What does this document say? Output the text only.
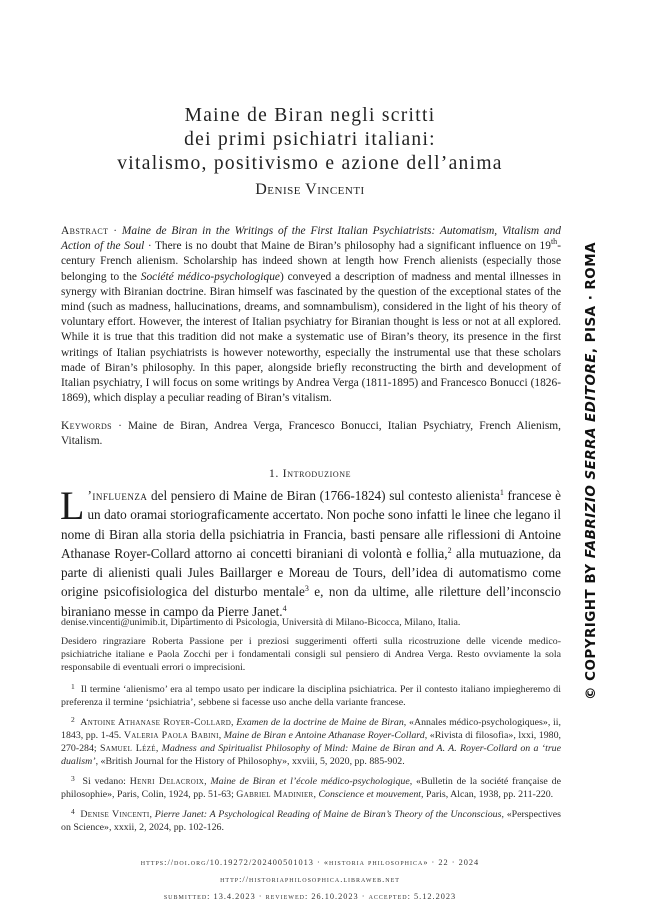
Maine de Biran negli scritti
dei primi psichiatri italiani:
vitalismo, positivismo e azione dell’anima
Denise Vincenti
Abstract · Maine de Biran in the Writings of the First Italian Psychiatrists: Automatism, Vitalism and Action of the Soul · There is no doubt that Maine de Biran’s philosophy had a significant influence on 19th-century French alienism. Scholarship has indeed shown at length how French alienists (especially those belonging to the Société médico-psychologique) conveyed a description of madness and mental illnesses in synergy with Biranian doctrine. Biran himself was fascinated by the question of the exceptional states of the mind (such as madness, hallucinations, dreams, and somnambulism), considered in the light of his theory of voluntary effort. However, the interest of Italian psychiatry for Biranian thought is less or not at all explored. While it is true that this tradition did not make a systematic use of Biran’s theory, its presence in the first writings of Italian psychiatrists is however noteworthy, especially the instrumental use that these scholars made of Biran’s philosophy. In this paper, alongside briefly reconstructing the birth and development of Italian psychiatry, I will focus on some writings by Andrea Verga (1811-1895) and Francesco Bonucci (1826-1869), which display a peculiar reading of Biran’s vitalism.
Keywords · Maine de Biran, Andrea Verga, Francesco Bonucci, Italian Psychiatry, French Alienism, Vitalism.
1. Introduzione
L ’influenza del pensiero di Maine de Biran (1766-1824) sul contesto alienista$^1$ francese è un dato oramai storiograficamente accertato. Non poche sono infatti le linee che legano il nome di Biran alla storia della psichiatria in Francia, basti pensare alle riflessioni di Antoine Athanase Royer-Collard attorno ai concetti biraniani di volontà e follia,$^2$ alla mutuazione, da parte di alienisti quali Jules Baillarger e Moreau de Tours, dell’idea di automatismo come origine psicofisiologica del disturbo mentale$^3$ e, non da ultime, alle riletture dell’inconscio biraniano messe in campo da Pierre Janet.$^4$

denise.vincenti@unimib.it, Dipartimento di Psicologia, Università di Milano-Bicocca, Milano, Italia.

Desidero ringraziare Roberta Passione per i preziosi suggerimenti offerti sulla ricostruzione delle vicende medico-psichiatriche italiane e Paola Zocchi per i fondamentali consigli sul pensiero di Andrea Verga. Resto ovviamente la sola responsabile di eventuali errori o imprecisioni.

$^1$ Il termine ‘alienismo’ era al tempo usato per indicare la disciplina psichiatrica. Per il contesto italiano impiegheremo di preferenza il termine ‘psichiatria’, sebbene si facesse uso anche della variante francese.

$^2$ Antoine Athanase Royer-Collard, Examen de la doctrine de Maine de Biran, «Annales médico-psychologiques», ii, 1843, pp. 1-45. Valeria Paola Babini, Maine de Biran e Antoine Athanase Royer-Collard, «Rivista di filosofia», lxxi, 1980, 270-284; Samuel Lézé, Madness and Spiritualist Philosophy of Mind: Maine de Biran and A. A. Royer-Collard on a ‘true dualism’, «British Journal for the History of Philosophy», xxviii, 5, 2020, pp. 885-902.

$^3$ Si vedano: Henri Delacroix, Maine de Biran et l’école médico-psychologique, «Bulletin de la société française de philosophie», Paris, Colin, 1924, pp. 51-63; Gabriel Madinier, Conscience et mouvement, Paris, Alcan, 1938, pp. 211-220.

$^4$ Denise Vincenti, Pierre Janet: A Psychological Reading of Maine de Biran’s Theory of the Unconscious, «Perspectives on Science», xxxii, 2, 2024, pp. 102-126.

https://doi.org/10.19272/202400501013 · «historia philosophica» · 22 · 2024
http://historiaphilosophica.libraweb.net
submitted: 13.4.2023 · reviewed: 26.10.2023 · accepted: 5.12.2023
© COPYRIGHT BY FABRIZIO SERRA EDITORE, PISA · ROMA
